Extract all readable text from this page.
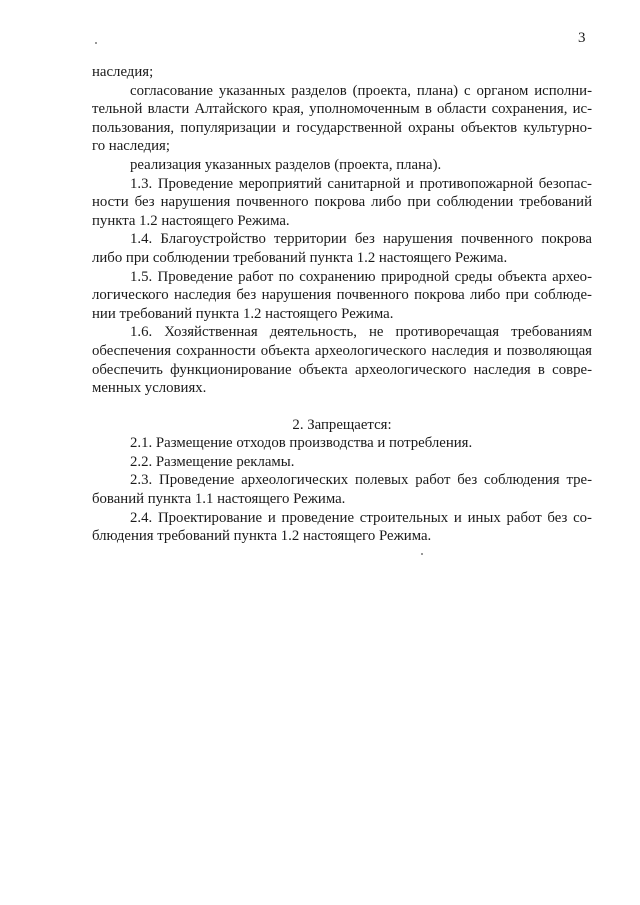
3
наследия;
согласование указанных разделов (проекта, плана) с органом исполни-
тельной власти Алтайского края, уполномоченным в области сохранения, ис-
пользования, популяризации и государственной охраны объектов культурно-
го наследия;
реализация указанных разделов (проекта, плана).
1.3. Проведение мероприятий санитарной и противопожарной безопас-
ности без нарушения почвенного покрова либо при соблюдении требований
пункта 1.2 настоящего Режима.
1.4. Благоустройство территории без нарушения почвенного покрова
либо при соблюдении требований пункта 1.2 настоящего Режима.
1.5. Проведение работ по сохранению природной среды объекта архео-
логического наследия без нарушения почвенного покрова либо при соблюде-
нии требований пункта 1.2 настоящего Режима.
1.6. Хозяйственная деятельность, не противоречащая требованиям
обеспечения сохранности объекта археологического наследия и позволяющая
обеспечить функционирование объекта археологического наследия в совре-
менных условиях.
2. Запрещается:
2.1. Размещение отходов производства и потребления.
2.2. Размещение рекламы.
2.3. Проведение археологических полевых работ без соблюдения тре-
бований пункта 1.1 настоящего Режима.
2.4. Проектирование и проведение строительных и иных работ без со-
блюдения требований пункта 1.2 настоящего Режима.
